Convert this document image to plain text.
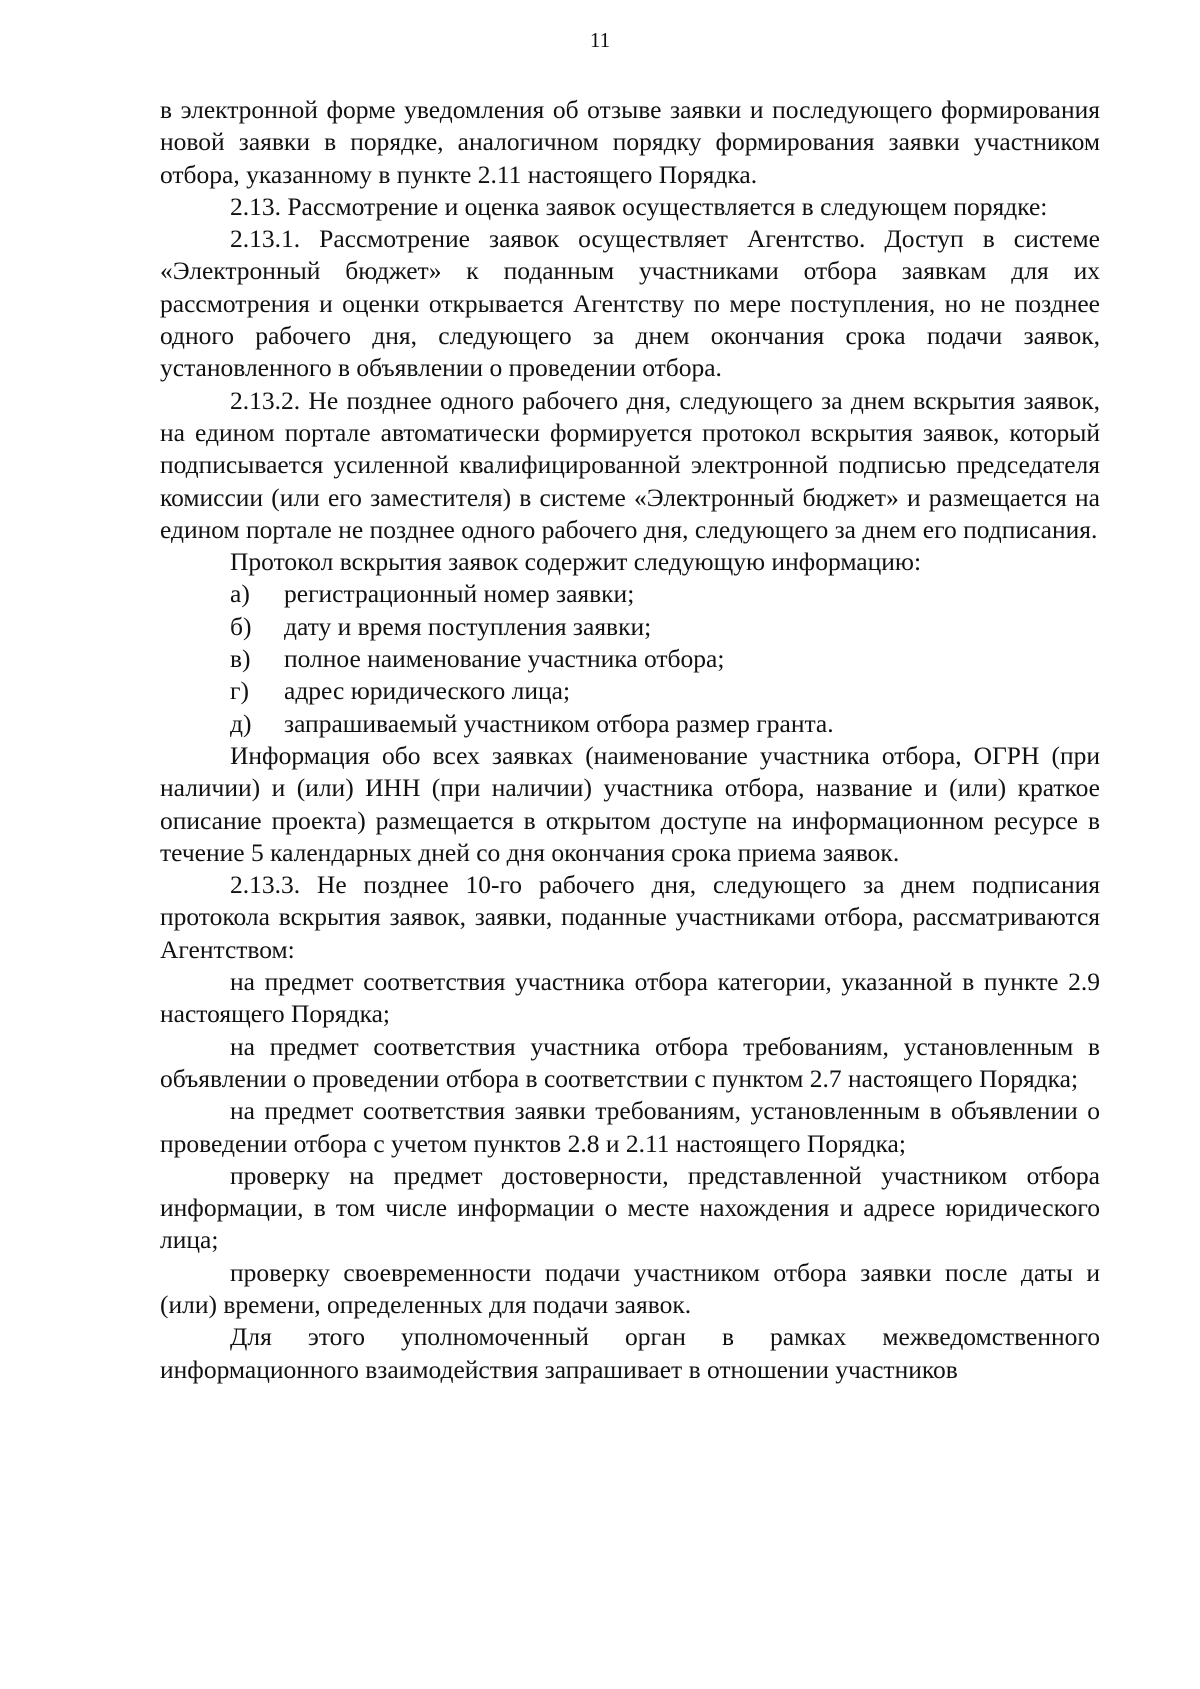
11

в электронной форме уведомления об отзыве заявки и последующего формирования новой заявки в порядке, аналогичном порядку формирования заявки участником отбора, указанному в пункте 2.11 настоящего Порядка.

2.13. Рассмотрение и оценка заявок осуществляется в следующем порядке:

2.13.1. Рассмотрение заявок осуществляет Агентство. Доступ в системе «Электронный бюджет» к поданным участниками отбора заявкам для их рассмотрения и оценки открывается Агентству по мере поступления, но не позднее одного рабочего дня, следующего за днем окончания срока подачи заявок, установленного в объявлении о проведении отбора.

2.13.2. Не позднее одного рабочего дня, следующего за днем вскрытия заявок, на едином портале автоматически формируется протокол вскрытия заявок, который подписывается усиленной квалифицированной электронной подписью председателя комиссии (или его заместителя) в системе «Электронный бюджет» и размещается на едином портале не позднее одного рабочего дня, следующего за днем его подписания.

Протокол вскрытия заявок содержит следующую информацию:

а)	регистрационный номер заявки;
б)	дату и время поступления заявки;
в)	полное наименование участника отбора;
г)	адрес юридического лица;
д)	запрашиваемый участником отбора размер гранта.

Информация обо всех заявках (наименование участника отбора, ОГРН (при наличии) и (или) ИНН (при наличии) участника отбора, название и (или) краткое описание проекта) размещается в открытом доступе на информационном ресурсе в течение 5 календарных дней со дня окончания срока приема заявок.

2.13.3. Не позднее 10-го рабочего дня, следующего за днем подписания протокола вскрытия заявок, заявки, поданные участниками отбора, рассматриваются Агентством:

на предмет соответствия участника отбора категории, указанной в пункте 2.9 настоящего Порядка;

на предмет соответствия участника отбора требованиям, установленным в объявлении о проведении отбора в соответствии с пунктом 2.7 настоящего Порядка;

на предмет соответствия заявки требованиям, установленным в объявлении о проведении отбора с учетом пунктов 2.8 и 2.11 настоящего Порядка;

проверку на предмет достоверности, представленной участником отбора информации, в том числе информации о месте нахождения и адресе юридического лица;

проверку своевременности подачи участником отбора заявки после даты и (или) времени, определенных для подачи заявок.

Для этого уполномоченный орган в рамках межведомственного информационного взаимодействия запрашивает в отношении участников
